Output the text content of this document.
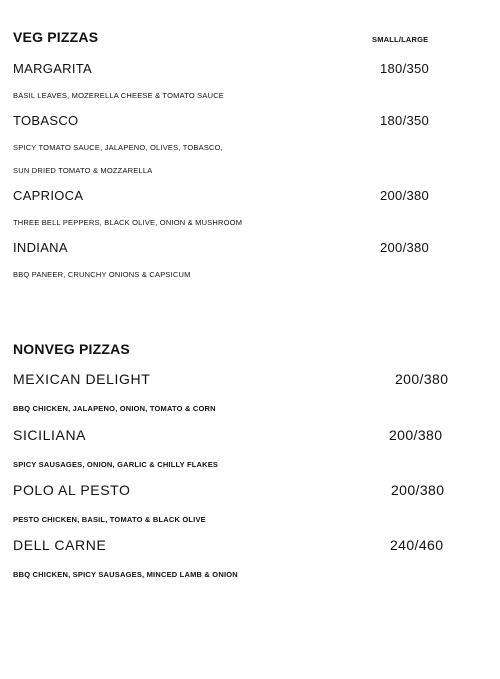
VEG PIZZAS	SMALL/LARGE
MARGARITA	180/350
BASIL LEAVES, MOZERELLA CHEESE & TOMATO SAUCE
TOBASCO	180/350
SPICY TOMATO SAUCE, JALAPENO, OLIVES, TOBASCO,
SUN DRIED TOMATO & MOZZARELLA
CAPRIOCA	200/380
THREE BELL PEPPERS, BLACK OLIVE, ONION & MUSHROOM
INDIANA	200/380
BBQ PANEER, CRUNCHY ONIONS & CAPSICUM
NONVEG PIZZAS
MEXICAN DELIGHT	200/380
BBQ CHICKEN, JALAPENO, ONION, TOMATO & CORN
SICILIANA	200/380
SPICY SAUSAGES, ONION, GARLIC & CHILLY FLAKES
POLO AL PESTO	200/380
PESTO CHICKEN, BASIL, TOMATO & BLACK OLIVE
DELL CARNE	240/460
BBQ CHICKEN, SPICY SAUSAGES, MINCED LAMB & ONION
